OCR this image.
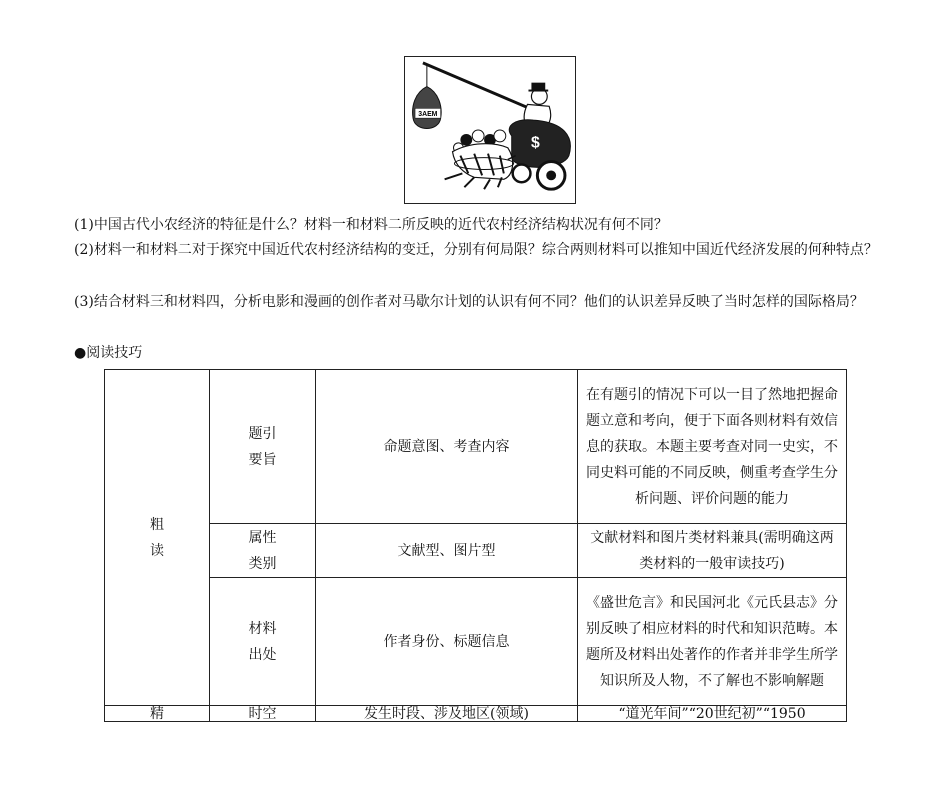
3AEM
$

(1)中国古代小农经济的特征是什么？材料一和材料二所反映的近代农村经济结构状况有何不同？

(2)材料一和材料二对于探究中国近代农村经济结构的变迁，分别有何局限？综合两则材料可以推知中国近代经济发展的何种特点？

(3)结合材料三和材料四，分析电影和漫画的创作者对马歇尔计划的认识有何不同？他们的认识差异反映了当时怎样的国际格局？

●阅读技巧
粗读	题引要旨	命题意图、考查内容	在有题引的情况下可以一目了然地把握命题立意和考向，便于下面各则材料有效信息的获取。本题主要考查对同一史实，不同史料可能的不同反映，侧重考查学生分析问题、评价问题的能力
	属性类别	文献型、图片型	文献材料和图片类材料兼具(需明确这两类材料的一般审读技巧)
	材料出处	作者身份、标题信息	《盛世危言》和民国河北《元氏县志》分别反映了相应材料的时代和知识范畴。本题所及材料出处著作的作者并非学生所学知识所及人物，不了解也不影响解题
精	时空	发生时段、涉及地区(领域)	“道光年间”“20世纪初”“1950
